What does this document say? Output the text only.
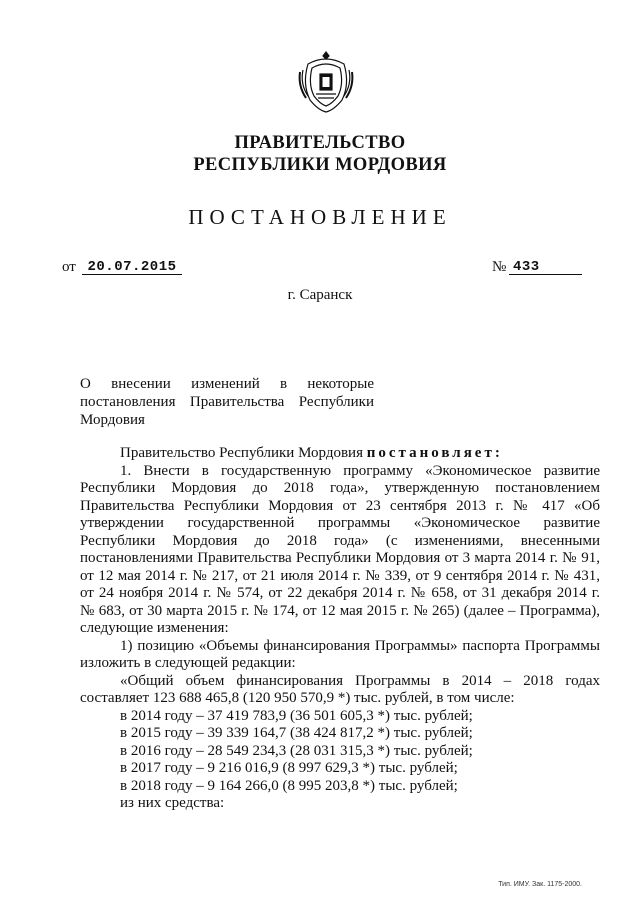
ПРАВИТЕЛЬСТВО
РЕСПУБЛИКИ МОРДОВИЯ
ПОСТАНОВЛЕНИЕ
от 20.07.2015	№ 433
г. Саранск
О внесении изменений в некоторые
постановления Правительства Республики
Мордовия

Правительство Республики Мордовия постановляет:

1. Внести в государственную программу «Экономическое развитие
Республики Мордовия до 2018 года», утвержденную постановлением
Правительства Республики Мордовия от 23 сентября 2013 г. № 417 «Об
утверждении государственной программы «Экономическое развитие
Республики Мордовия до 2018 года» (с изменениями, внесенными
постановлениями Правительства Республики Мордовия от 3 марта 2014 г. № 91,
от 12 мая 2014 г. № 217, от 21 июля 2014 г. № 339, от 9 сентября 2014 г. № 431,
от 24 ноября 2014 г. № 574, от 22 декабря 2014 г. № 658, от 31 декабря 2014 г.
№ 683, от 30 марта 2015 г. № 174, от 12 мая 2015 г. № 265) (далее – Программа),
следующие изменения:
1) позицию «Объемы финансирования Программы» паспорта Программы
изложить в следующей редакции:
«Общий объем финансирования Программы в 2014 – 2018 годах
составляет 123 688 465,8 (120 950 570,9 *) тыс. рублей, в том числе:
в 2014 году – 37 419 783,9 (36 501 605,3 *) тыс. рублей;
в 2015 году – 39 339 164,7 (38 424 817,2 *) тыс. рублей;
в 2016 году – 28 549 234,3 (28 031 315,3 *) тыс. рублей;
в 2017 году – 9 216 016,9 (8 997 629,3 *) тыс. рублей;
в 2018 году – 9 164 266,0 (8 995 203,8 *) тыс. рублей;
из них средства:
Тип. ИМУ. Зак. 1175-2000.
